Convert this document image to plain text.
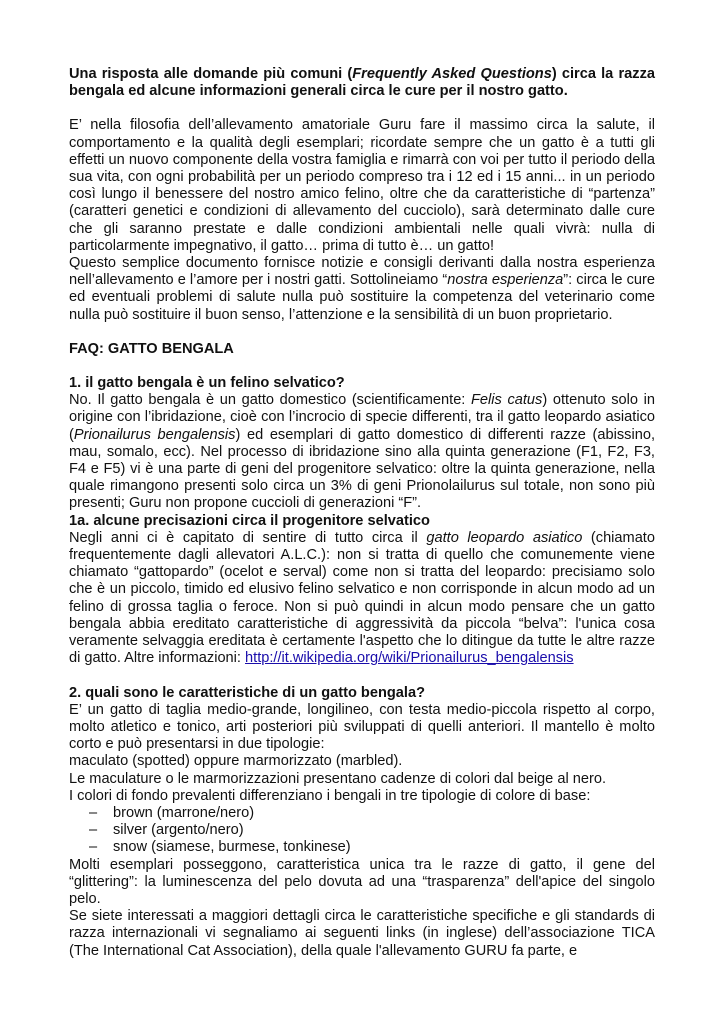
Una risposta alle domande più comuni (Frequently Asked Questions) circa la razza bengala ed alcune informazioni generali circa le cure per il nostro gatto.

E’ nella filosofia dell’allevamento amatoriale Guru fare il massimo circa la salute, il comportamento e la qualità degli esemplari; ricordate sempre che un gatto è a tutti gli effetti un nuovo componente della vostra famiglia e rimarrà con voi per tutto il periodo della sua vita, con ogni probabilità per un periodo compreso tra i 12 ed i 15 anni... in un periodo così lungo il benessere del nostro amico felino, oltre che da caratteristiche di “partenza” (caratteri genetici e condizioni di allevamento del cucciolo), sarà determinato dalle cure che gli saranno prestate e dalle condizioni ambientali nelle quali vivrà: nulla di particolarmente impegnativo, il gatto… prima di tutto è… un gatto!

Questo semplice documento fornisce notizie e consigli derivanti dalla nostra esperienza nell’allevamento e l’amore per i nostri gatti. Sottolineiamo “nostra esperienza”: circa le cure ed eventuali problemi di salute nulla può sostituire la competenza del veterinario come nulla può sostituire il buon senso, l’attenzione e la sensibilità di un buon proprietario.

FAQ: GATTO BENGALA

1. il gatto bengala è un felino selvatico?

No. Il gatto bengala è un gatto domestico (scientificamente: Felis catus) ottenuto solo in origine con l’ibridazione, cioè con l’incrocio di specie differenti, tra il gatto leopardo asiatico (Prionailurus bengalensis) ed esemplari di gatto domestico di differenti razze (abissino, mau, somalo, ecc). Nel processo di ibridazione sino alla quinta generazione (F1, F2, F3, F4 e F5) vi è una parte di geni del progenitore selvatico: oltre la quinta generazione, nella quale rimangono presenti solo circa un 3% di geni Prionolailurus sul totale, non sono più presenti; Guru non propone cuccioli di generazioni “F”.

1a. alcune precisazioni circa il progenitore selvatico

Negli anni ci è capitato di sentire di tutto circa il gatto leopardo asiatico (chiamato frequentemente dagli allevatori A.L.C.): non si tratta di quello che comunemente viene chiamato “gattopardo” (ocelot e serval) come non si tratta del leopardo: precisiamo solo che è un piccolo, timido ed elusivo felino selvatico e non corrisponde in alcun modo ad un felino di grossa taglia o feroce. Non si può quindi in alcun modo pensare che un gatto bengala abbia ereditato caratteristiche di aggressività da piccola “belva”: l'unica cosa veramente selvaggia ereditata è certamente l'aspetto che lo ditingue da tutte le altre razze di gatto. Altre informazioni: http://it.wikipedia.org/wiki/Prionailurus_bengalensis

2. quali sono le caratteristiche di un gatto bengala?

E’ un gatto di taglia medio-grande, longilineo, con testa medio-piccola rispetto al corpo, molto atletico e tonico, arti posteriori più sviluppati di quelli anteriori. Il mantello è molto corto e può presentarsi in due tipologie:

maculato (spotted) oppure marmorizzato (marbled).

Le maculature o le marmorizzazioni presentano cadenze di colori dal beige al nero.

I colori di fondo prevalenti differenziano i bengali in tre tipologie di colore di base:

– brown (marrone/nero)
– silver (argento/nero)
– snow (siamese, burmese, tonkinese)

Molti esemplari posseggono, caratteristica unica tra le razze di gatto, il gene del “glittering”: la luminescenza del pelo dovuta ad una “trasparenza” dell'apice del singolo pelo.

Se siete interessati a maggiori dettagli circa le caratteristiche specifiche e gli standards di razza internazionali vi segnaliamo ai seguenti links (in inglese) dell’associazione TICA (The International Cat Association), della quale l'allevamento GURU fa parte, e
